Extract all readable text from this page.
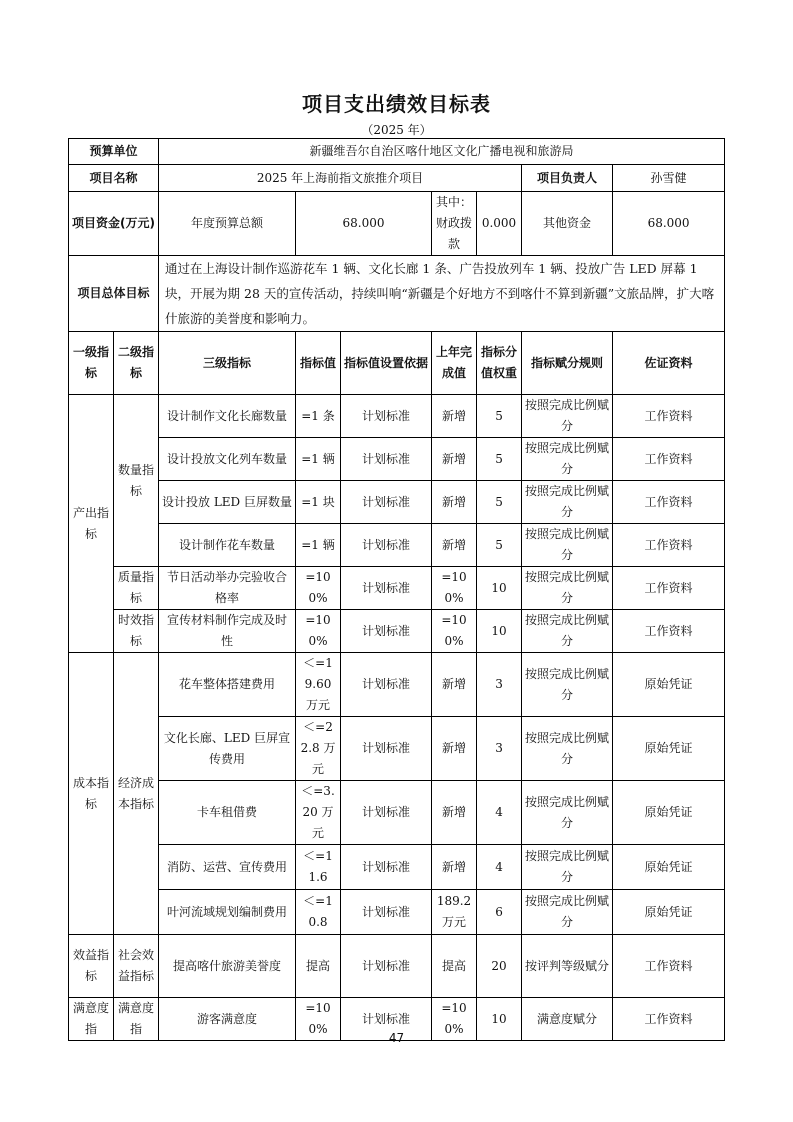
项目支出绩效目标表
（2025 年）
预算单位		新疆维吾尔自治区喀什地区文化广播电视和旅游局						
项目名称		2025 年上海前指文旅推介项目					项目负责人	孙雪健
项目资金(万元)		年度预算总额	68.000		其中：财政拨款	0.000	其他资金	68.000
项目总体目标		通过在上海设计制作巡游花车 1 辆、文化长廊 1 条、广告投放列车 1 辆、投放广告 LED 屏幕 1 块，开展为期 28 天的宣传活动，持续叫响“新疆是个好地方不到喀什不算到新疆”文旅品牌，扩大喀什旅游的美誉度和影响力。						
一级指标	二级指标	三级指标	指标值	指标值设置依据	上年完成值	指标分值权重	指标赋分规则	佐证资料
产出指标	数量指标	设计制作文化长廊数量	=1 条	计划标准	新增	5	按照完成比例赋分	工作资料
		设计投放文化列车数量	=1 辆	计划标准	新增	5	按照完成比例赋分	工作资料
		设计投放 LED 巨屏数量	=1 块	计划标准	新增	5	按照完成比例赋分	工作资料
		设计制作花车数量	=1 辆	计划标准	新增	5	按照完成比例赋分	工作资料
	质量指标	节日活动举办完验收合格率	=100%	计划标准	=100%	10	按照完成比例赋分	工作资料
	时效指标	宣传材料制作完成及时性	=100%	计划标准	=100%	10	按照完成比例赋分	工作资料
成本指标	经济成本指标	花车整体搭建费用	＜=19.60 万元	计划标准	新增	3	按照完成比例赋分	原始凭证
		文化长廊、LED 巨屏宣传费用	＜=22.8 万元	计划标准	新增	3	按照完成比例赋分	原始凭证
		卡车租借费	＜=3.20 万元	计划标准	新增	4	按照完成比例赋分	原始凭证
		消防、运营、宣传费用	＜=11.6	计划标准	新增	4	按照完成比例赋分	原始凭证
		叶河流域规划编制费用	＜=10.8	计划标准	189.2 万元	6	按照完成比例赋分	原始凭证
效益指标	社会效益指标	提高喀什旅游美誉度	提高	计划标准	提高	20	按评判等级赋分	工作资料
满意度指	满意度指	游客满意度	=100%	计划标准	=100%	10	满意度赋分	工作资料
47
